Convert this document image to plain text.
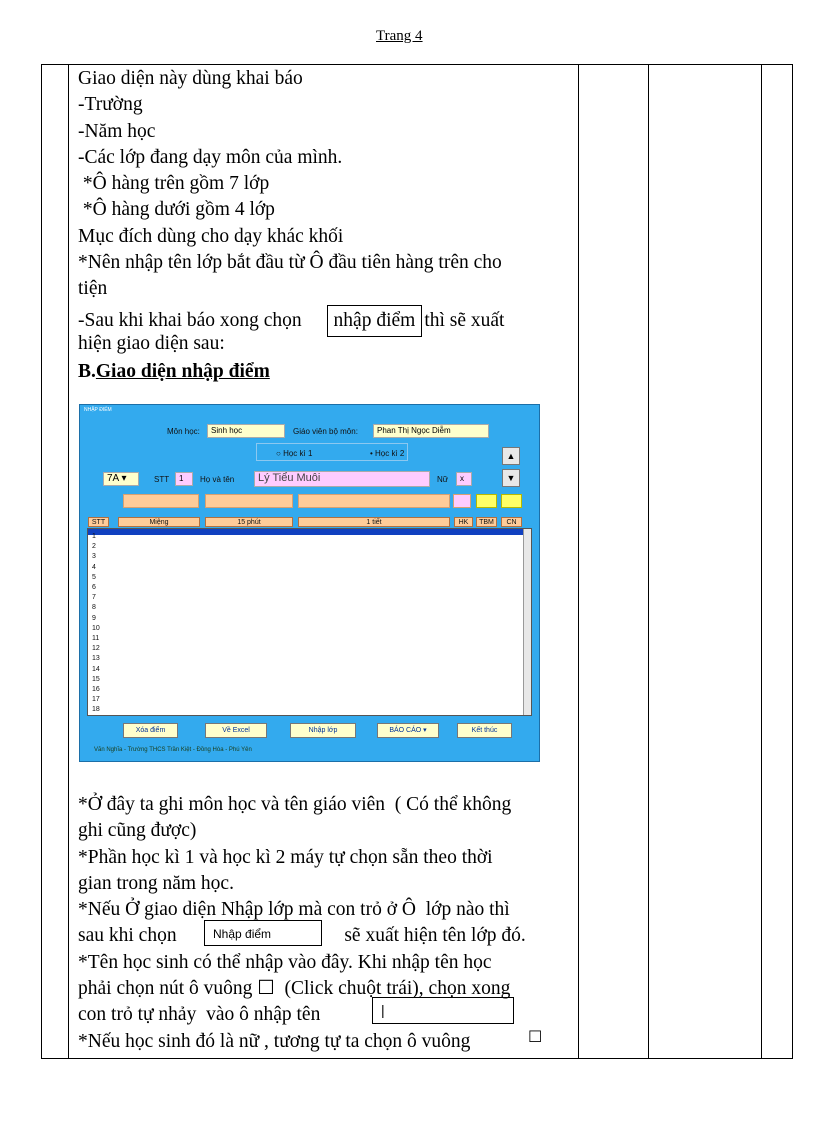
Trang 4

Giao diện này dùng khai báo

-Trường

-Năm học

-Các lớp đang dạy môn của mình.

*Ô hàng trên gồm 7 lớp

*Ô hàng dưới gồm 4 lớp

Mục đích dùng cho dạy khác khối

*Nên nhập tên lớp bắt đầu từ Ô đầu tiên hàng trên cho

tiện

-Sau khi khai báo xong chọn nhập điểm thì sẽ xuất

hiện giao diện sau:

B.Giao diện nhập điểm

NHẬP ĐIỂM
Môn học:	Sinh học	Giáo viên bộ môn:	Phan Thị Ngọc Diễm
○ Học kì 1	• Học kì 2	▲
▼
7A ▾	STT	1	Họ và tên	Lý Tiểu Muôi	Nữ	x
STT	Miệng	15 phút	1 tiết	HK	TBM	CN
1
2
3
4
5
6
7
8
9
10
11
12
13
14
15
16
17
18
Xóa điểm	Về Excel	Nhập lớp	BÁO CÁO ▾	Kết thúc
Văn Nghĩa - Trường THCS Trần Kiệt - Đồng Hòa - Phú Yên

*Ở đây ta ghi môn học và tên giáo viên  ( Có thể không

ghi cũng được)

*Phần học kì 1 và học kì 2 máy tự chọn sẵn theo thời

gian trong năm học.

*Nếu Ở giao diện Nhập lớp mà con trỏ ở Ô  lớp nào thì

sau khi chọn	sẽ xuất hiện tên lớp đó.

*Tên học sinh có thể nhập vào đây. Khi nhập tên học

phải chọn nút ô vuông ☐  (Click chuột trái), chọn xong

con trỏ tự nhảy  vào ô nhập tên

*Nếu học sinh đó là nữ , tương tự ta chọn ô vuông

Nhập điểm
|
☐
